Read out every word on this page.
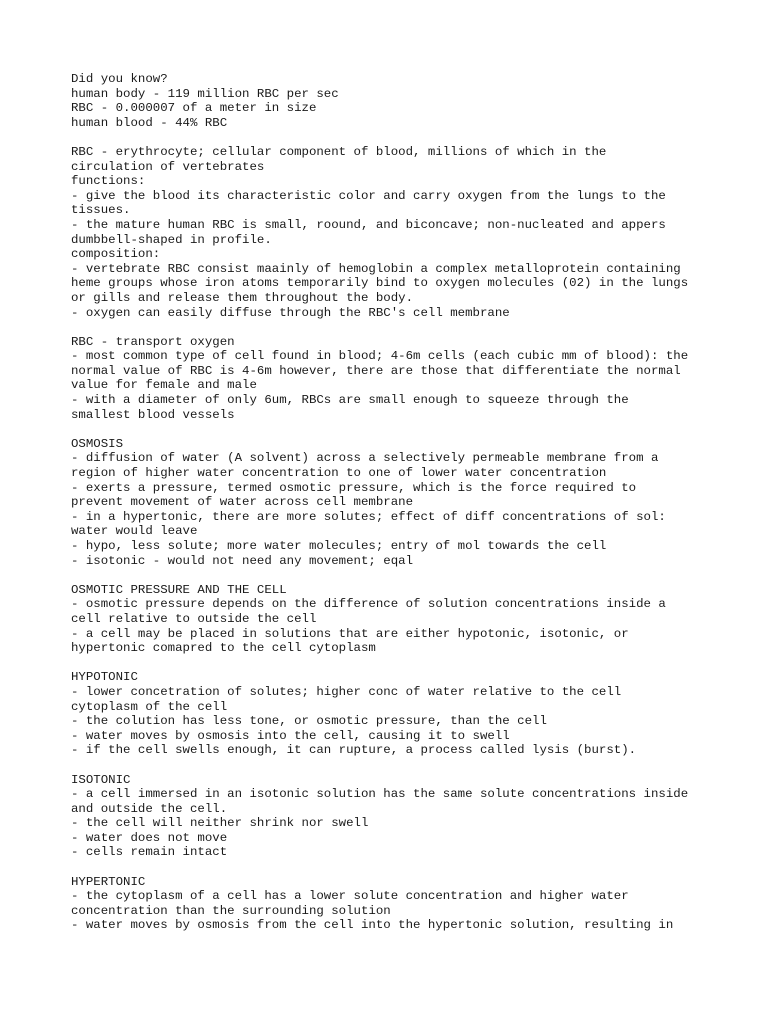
Did you know?
human body - 119 million RBC per sec
RBC - 0.000007 of a meter in size
human blood - 44% RBC
RBC - erythrocyte; cellular component of blood, millions of which in the
circulation of vertebrates
functions:
- give the blood its characteristic color and carry oxygen from the lungs to the
tissues.
- the mature human RBC is small, roound, and biconcave; non-nucleated and appers
dumbbell-shaped in profile.
composition:
- vertebrate RBC consist maainly of hemoglobin a complex metalloprotein containing
heme groups whose iron atoms temporarily bind to oxygen molecules (02) in the lungs
or gills and release them throughout the body.
- oxygen can easily diffuse through the RBC's cell membrane
RBC - transport oxygen
- most common type of cell found in blood; 4-6m cells (each cubic mm of blood): the
normal value of RBC is 4-6m however, there are those that differentiate the normal
value for female and male
- with a diameter of only 6um, RBCs are small enough to squeeze through the
smallest blood vessels
OSMOSIS
- diffusion of water (A solvent) across a selectively permeable membrane from a
region of higher water concentration to one of lower water concentration
- exerts a pressure, termed osmotic pressure, which is the force required to
prevent movement of water across cell membrane
- in a hypertonic, there are more solutes; effect of diff concentrations of sol:
water would leave
- hypo, less solute; more water molecules; entry of mol towards the cell
- isotonic - would not need any movement; eqal
OSMOTIC PRESSURE AND THE CELL
- osmotic pressure depends on the difference of solution concentrations inside a
cell relative to outside the cell
- a cell may be placed in solutions that are either hypotonic, isotonic, or
hypertonic comapred to the cell cytoplasm
HYPOTONIC
- lower concetration of solutes; higher conc of water relative to the cell
cytoplasm of the cell
- the colution has less tone, or osmotic pressure, than the cell
- water moves by osmosis into the cell, causing it to swell
- if the cell swells enough, it can rupture, a process called lysis (burst).
ISOTONIC
- a cell immersed in an isotonic solution has the same solute concentrations inside
and outside the cell.
- the cell will neither shrink nor swell
- water does not move
- cells remain intact
HYPERTONIC
- the cytoplasm of a cell has a lower solute concentration and higher water
concentration than the surrounding solution
- water moves by osmosis from the cell into the hypertonic solution, resulting in
